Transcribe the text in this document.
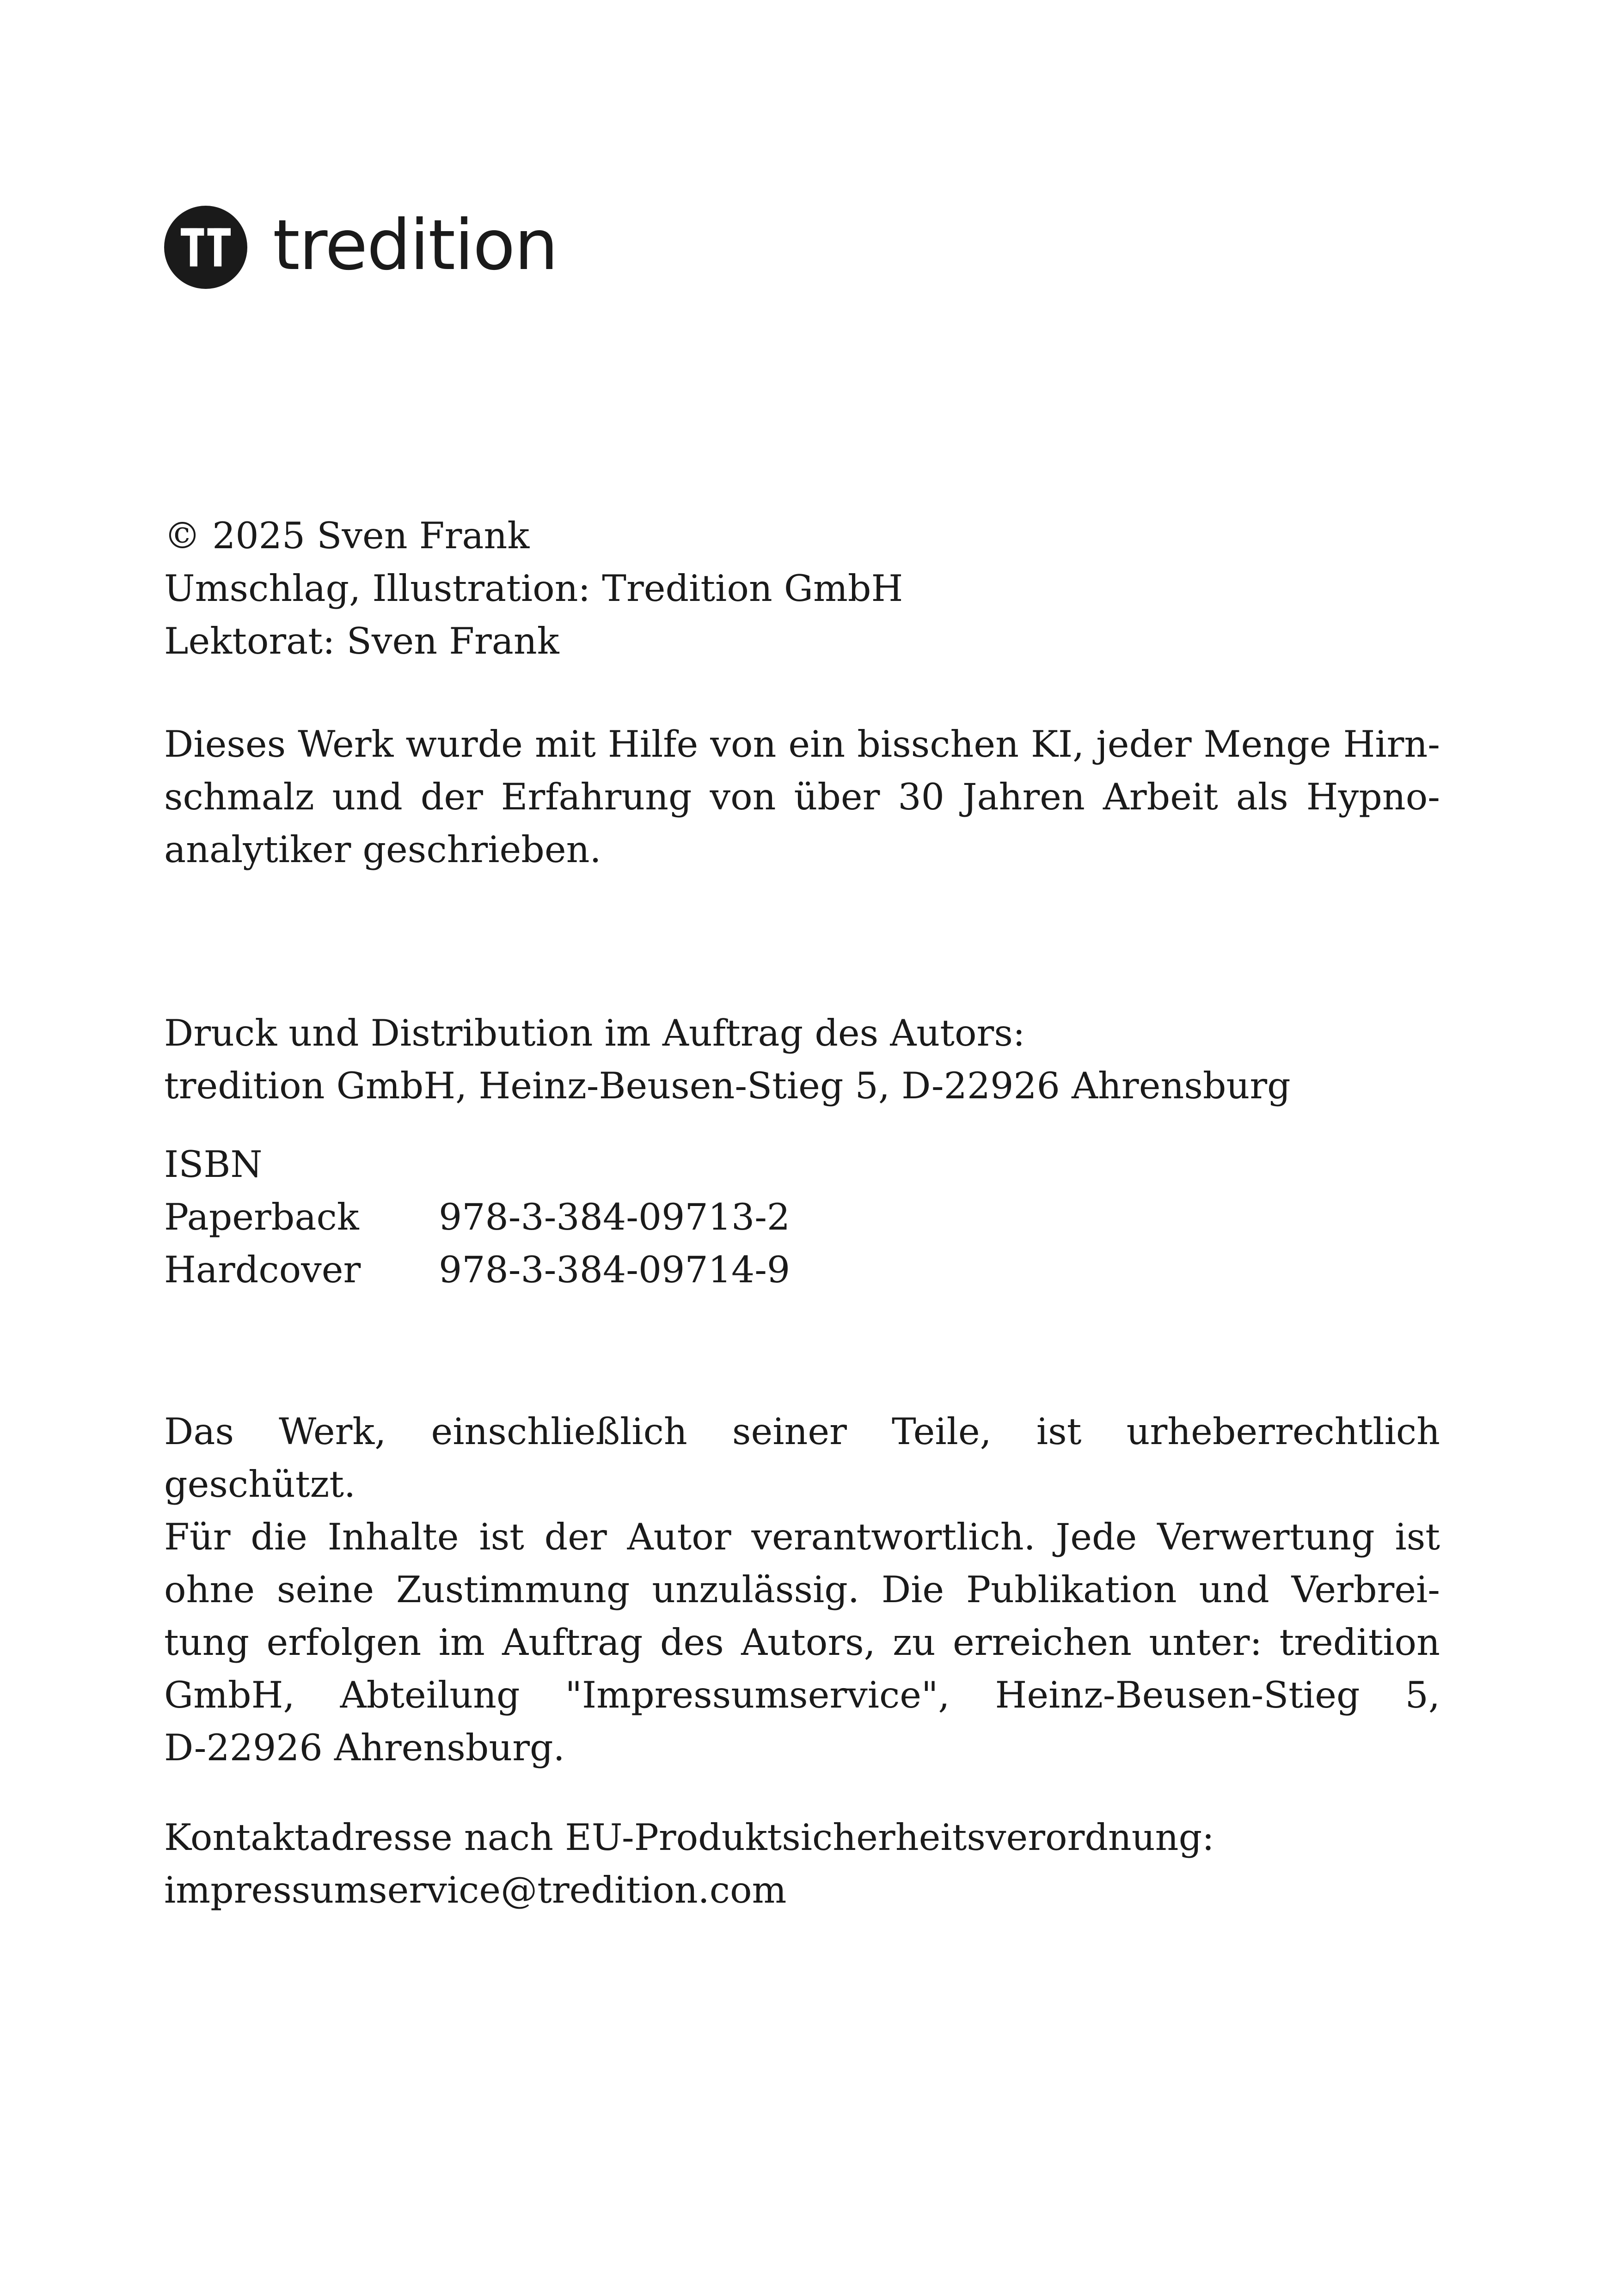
tredition
© 2025 Sven Frank
Umschlag, Illustration: Tredition GmbH
Lektorat: Sven Frank
Dieses Werk wurde mit Hilfe von ein bisschen KI, jeder Menge Hirn-
schmalz und der Erfahrung von über 30 Jahren Arbeit als Hypno-
analytiker geschrieben.
Druck und Distribution im Auftrag des Autors:
tredition GmbH, Heinz-Beusen-Stieg 5, D-22926 Ahrensburg
ISBN
Paperback	978-3-384-09713-2
Hardcover	978-3-384-09714-9
Das Werk, einschließlich seiner Teile, ist urheberrechtlich geschützt.
Für die Inhalte ist der Autor verantwortlich. Jede Verwertung ist
ohne seine Zustimmung unzulässig. Die Publikation und Verbrei-
tung erfolgen im Auftrag des Autors, zu erreichen unter: tredition
GmbH, Abteilung "Impressumservice", Heinz-Beusen-Stieg 5,
D-22926 Ahrensburg.
Kontaktadresse nach EU-Produktsicherheitsverordnung:
impressumservice@tredition.com
